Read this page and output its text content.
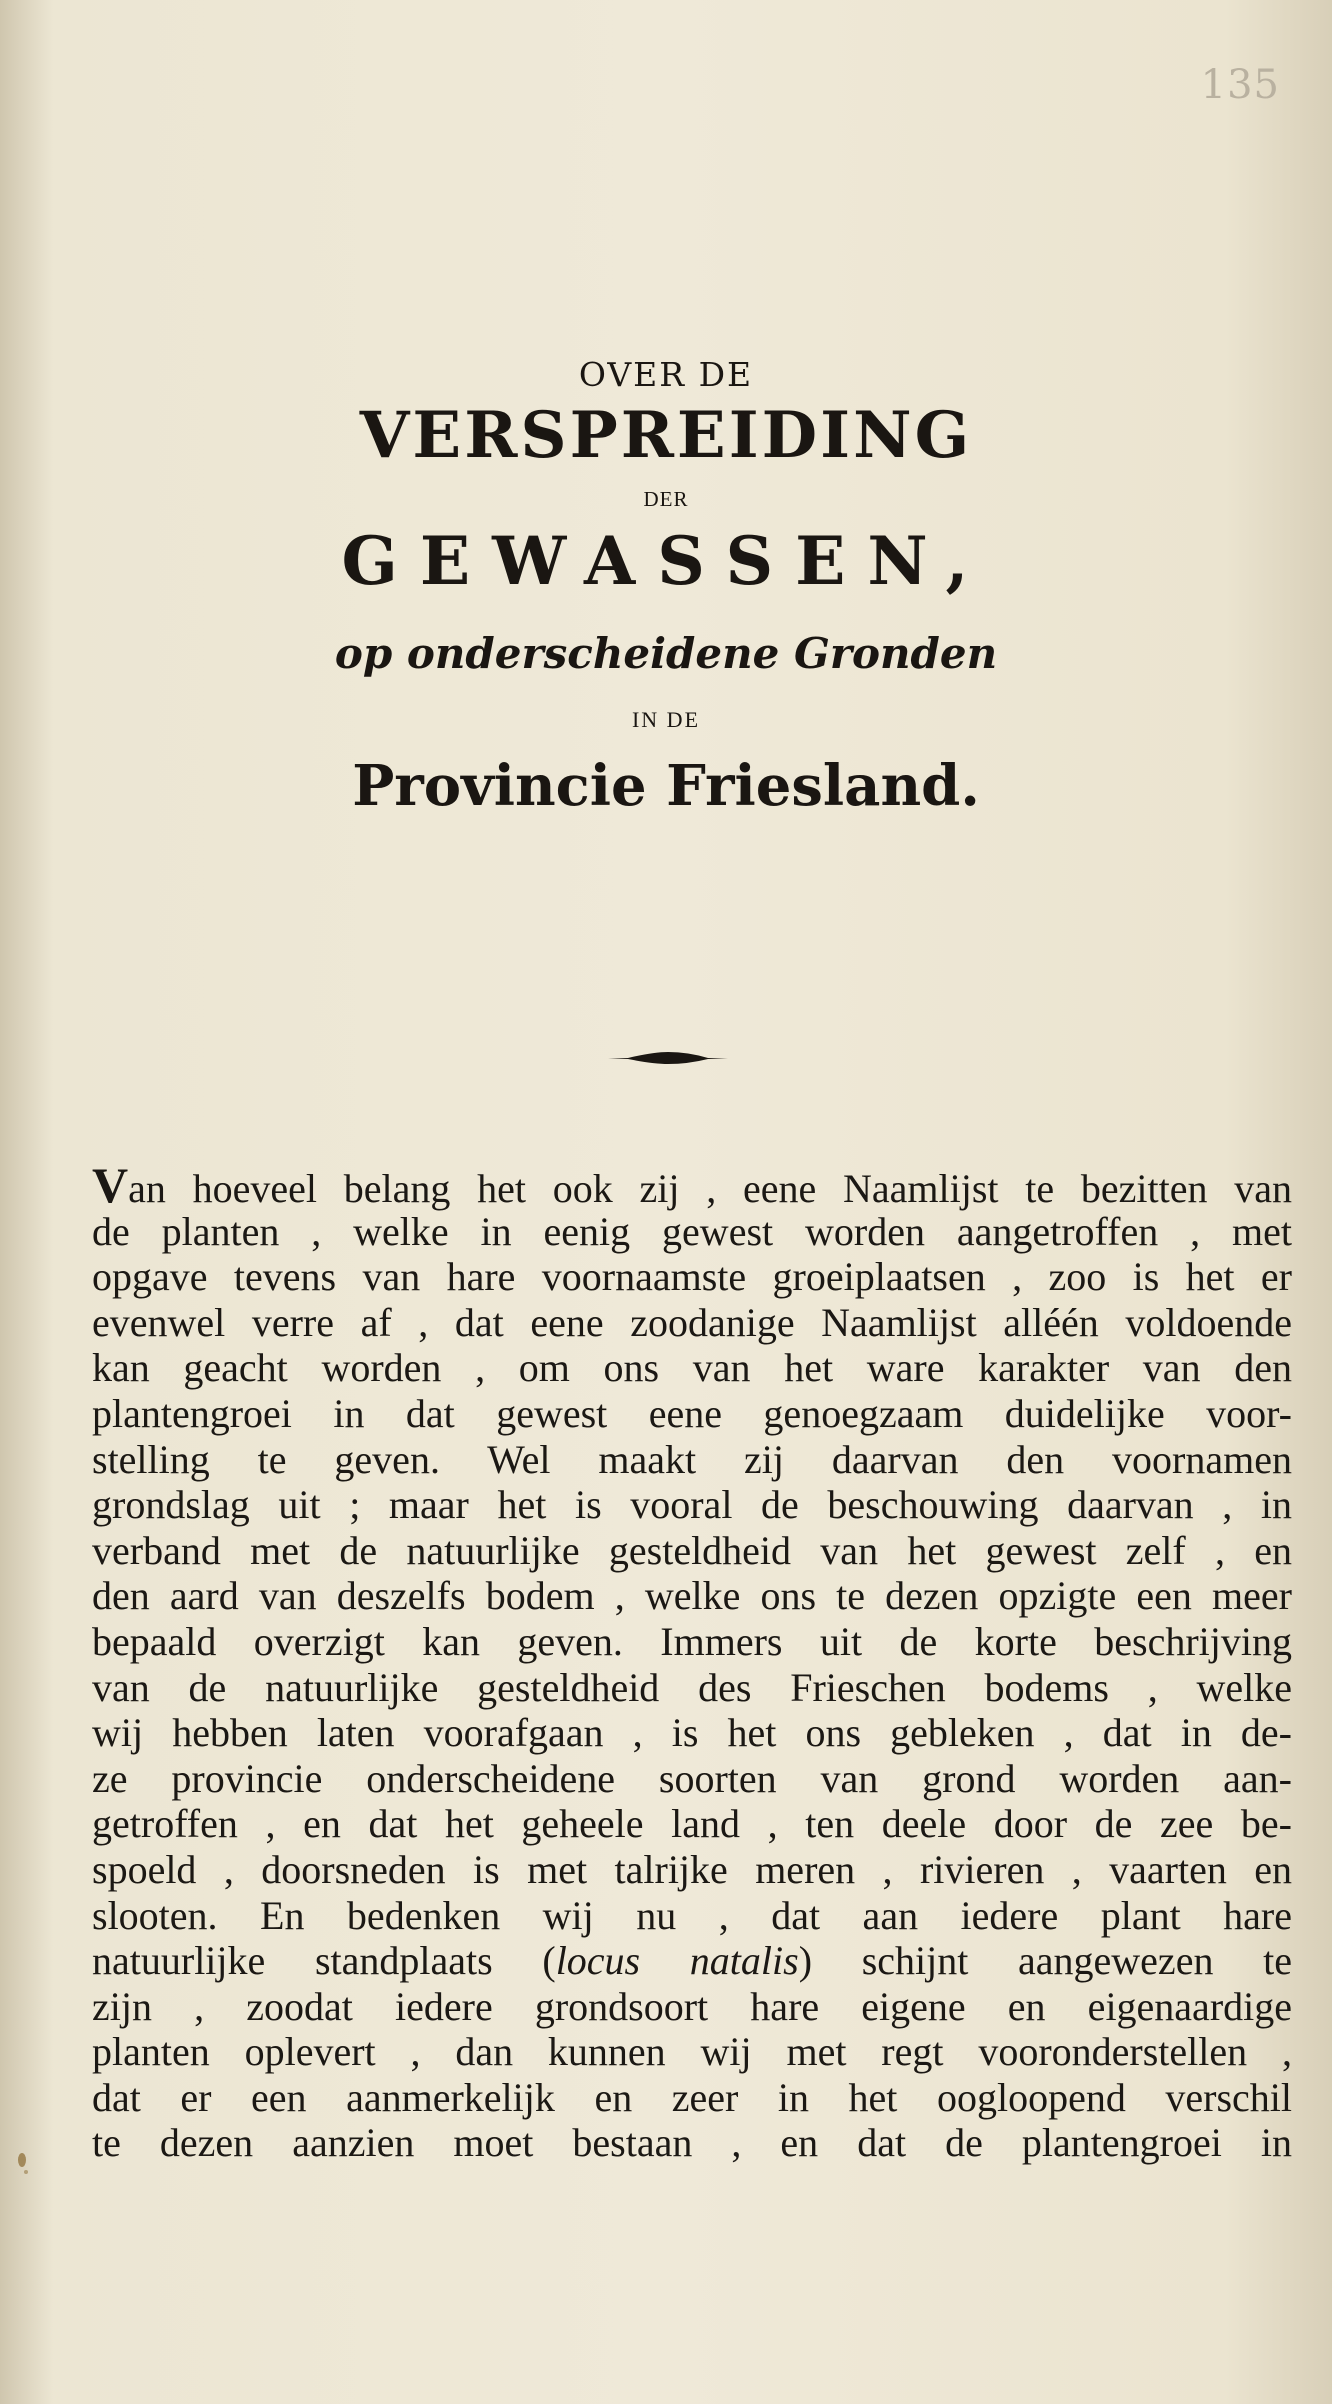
135
OVER DE
VERSPREIDING
DER
GEWASSEN,
op onderscheidene Gronden
IN DE
Provincie Friesland.
Van hoeveel belang het ook zij , eene Naamlijst te bezitten van
de planten , welke in eenig gewest worden aangetroffen , met
opgave tevens van hare voornaamste groeiplaatsen , zoo is het er
evenwel verre af , dat eene zoodanige Naamlijst alléén voldoende
kan geacht worden , om ons van het ware karakter van den
plantengroei in dat gewest eene genoegzaam duidelijke voor-
stelling te geven. Wel maakt zij daarvan den voornamen
grondslag uit ; maar het is vooral de beschouwing daarvan , in
verband met de natuurlijke gesteldheid van het gewest zelf , en
den aard van deszelfs bodem , welke ons te dezen opzigte een meer
bepaald overzigt kan geven. Immers uit de korte beschrijving
van de natuurlijke gesteldheid des Frieschen bodems , welke
wij hebben laten voorafgaan , is het ons gebleken , dat in de-
ze provincie onderscheidene soorten van grond worden aan-
getroffen , en dat het geheele land , ten deele door de zee be-
spoeld , doorsneden is met talrijke meren , rivieren , vaarten en
slooten. En bedenken wij nu , dat aan iedere plant hare
natuurlijke standplaats (locus natalis) schijnt aangewezen te
zijn , zoodat iedere grondsoort hare eigene en eigenaardige
planten oplevert , dan kunnen wij met regt vooronderstellen ,
dat er een aanmerkelijk en zeer in het oogloopend verschil
te dezen aanzien moet bestaan , en dat de plantengroei in
